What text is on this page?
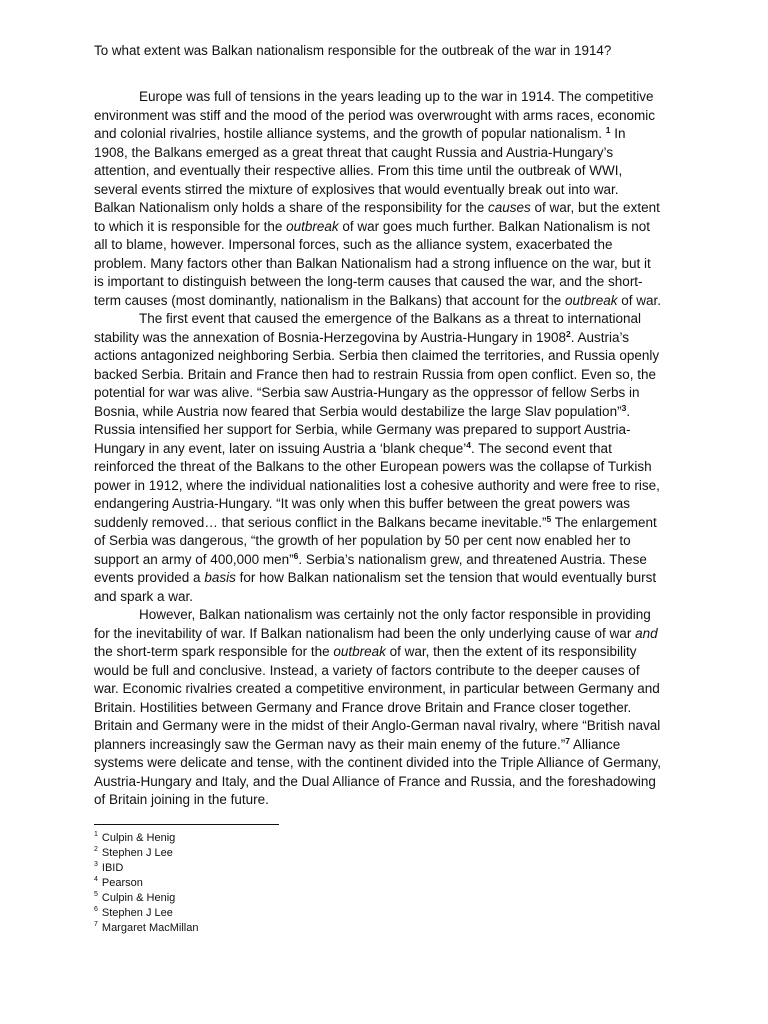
To what extent was Balkan nationalism responsible for the outbreak of the war in 1914?

Europe was full of tensions in the years leading up to the war in 1914. The competitive environment was stiff and the mood of the period was overwrought with arms races, economic and colonial rivalries, hostile alliance systems, and the growth of popular nationalism. $^1$ In 1908, the Balkans emerged as a great threat that caught Russia and Austria-Hungary’s attention, and eventually their respective allies. From this time until the outbreak of WWI, several events stirred the mixture of explosives that would eventually break out into war. Balkan Nationalism only holds a share of the responsibility for the causes of war, but the extent to which it is responsible for the outbreak of war goes much further. Balkan Nationalism is not all to blame, however. Impersonal forces, such as the alliance system, exacerbated the problem. Many factors other than Balkan Nationalism had a strong influence on the war, but it is important to distinguish between the long-term causes that caused the war, and the short-term causes (most dominantly, nationalism in the Balkans) that account for the outbreak of war.

The first event that caused the emergence of the Balkans as a threat to international stability was the annexation of Bosnia-Herzegovina by Austria-Hungary in 1908$^2$. Austria’s actions antagonized neighboring Serbia. Serbia then claimed the territories, and Russia openly backed Serbia. Britain and France then had to restrain Russia from open conflict. Even so, the potential for war was alive. “Serbia saw Austria-Hungary as the oppressor of fellow Serbs in Bosnia, while Austria now feared that Serbia would destabilize the large Slav population”$^3$. Russia intensified her support for Serbia, while Germany was prepared to support Austria-Hungary in any event, later on issuing Austria a ‘blank cheque’$^4$. The second event that reinforced the threat of the Balkans to the other European powers was the collapse of Turkish power in 1912, where the individual nationalities lost a cohesive authority and were free to rise, endangering Austria-Hungary. “It was only when this buffer between the great powers was suddenly removed… that serious conflict in the Balkans became inevitable.”$^5$ The enlargement of Serbia was dangerous, “the growth of her population by 50 per cent now enabled her to support an army of 400,000 men”$^6$. Serbia’s nationalism grew, and threatened Austria. These events provided a basis for how Balkan nationalism set the tension that would eventually burst and spark a war.

However, Balkan nationalism was certainly not the only factor responsible in providing for the inevitability of war. If Balkan nationalism had been the only underlying cause of war and the short-term spark responsible for the outbreak of war, then the extent of its responsibility would be full and conclusive. Instead, a variety of factors contribute to the deeper causes of war. Economic rivalries created a competitive environment, in particular between Germany and Britain. Hostilities between Germany and France drove Britain and France closer together. Britain and Germany were in the midst of their Anglo-German naval rivalry, where “British naval planners increasingly saw the German navy as their main enemy of the future.”$^7$ Alliance systems were delicate and tense, with the continent divided into the Triple Alliance of Germany, Austria-Hungary and Italy, and the Dual Alliance of France and Russia, and the foreshadowing of Britain joining in the future.

1 Culpin & Henig
2 Stephen J Lee
3 IBID
4 Pearson
5 Culpin & Henig
6 Stephen J Lee
7 Margaret MacMillan
